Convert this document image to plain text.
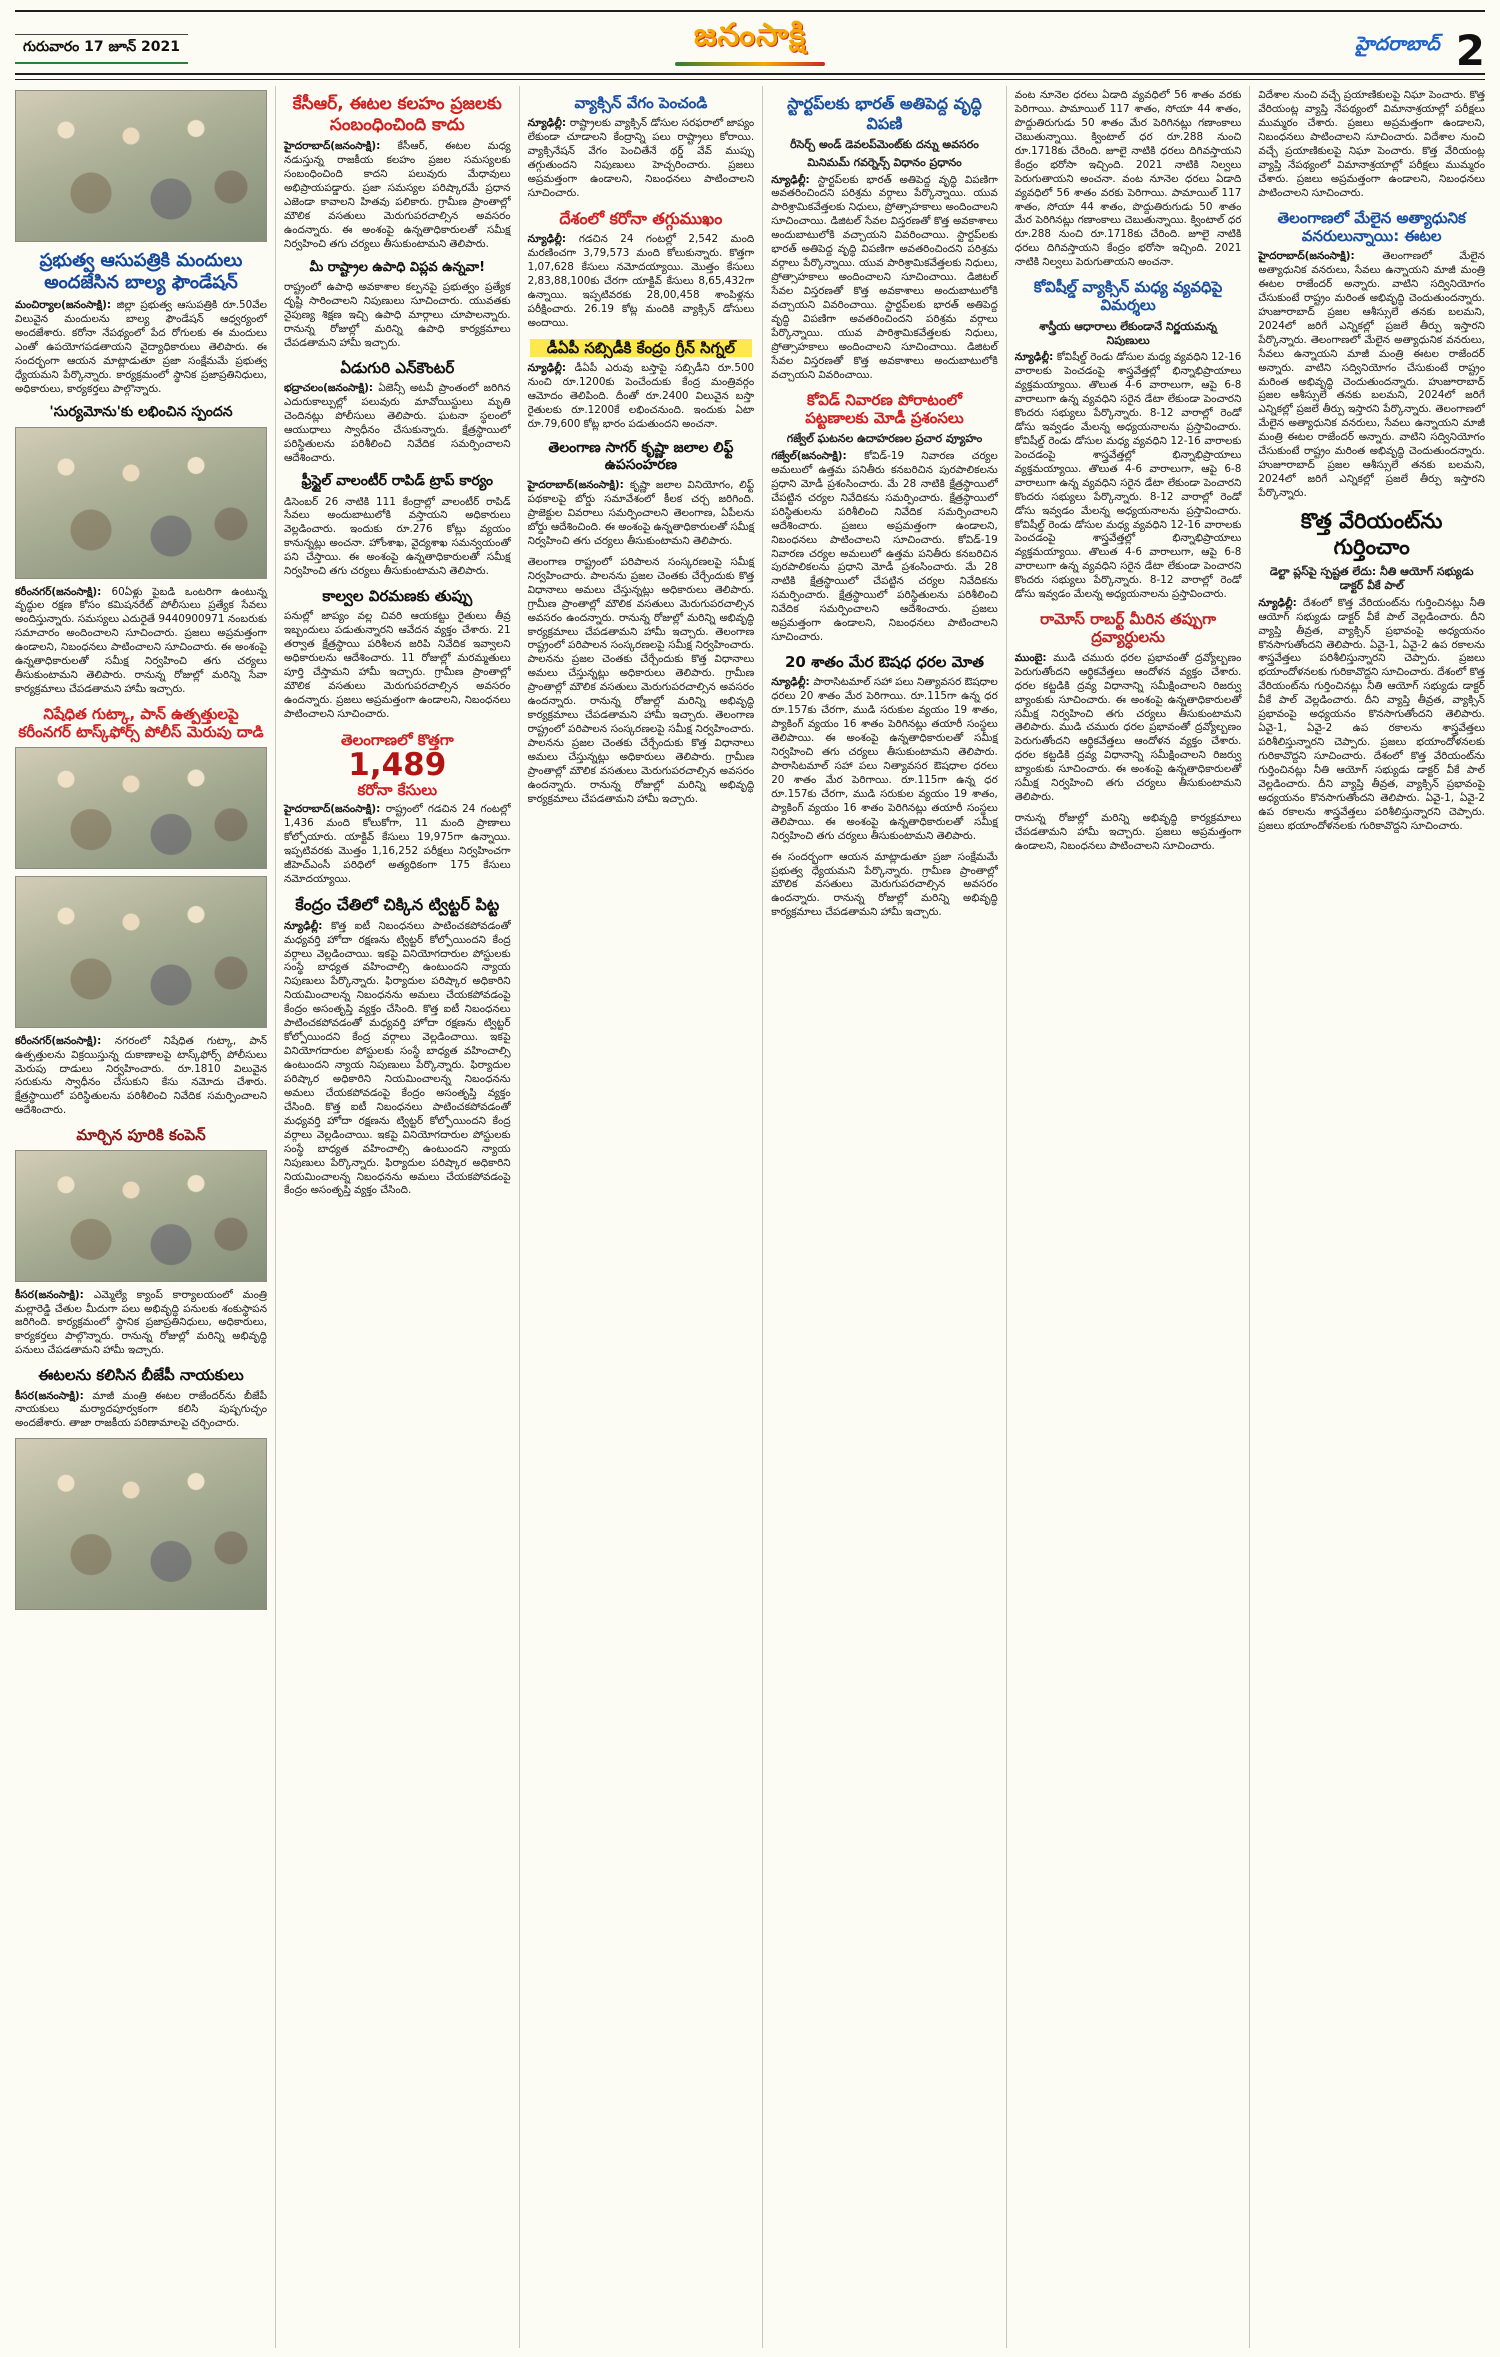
గురువారం 17 జూన్ 2021	జనంసాక్షి	హైదరాబాద్ 2
ప్రభుత్వ ఆసుపత్రికి మందులు అందజేసిన బాల్య ఫౌండేషన్

మంచిర్యాల(జనంసాక్షి): జిల్లా ప్రభుత్వ ఆసుపత్రికి రూ.50వేల విలువైన మందులను బాల్య ఫౌండేషన్ ఆధ్వర్యంలో అందజేశారు. కరోనా నేపథ్యంలో పేద రోగులకు ఈ మందులు ఎంతో ఉపయోగపడతాయని వైద్యాధికారులు తెలిపారు. ఈ సందర్భంగా ఆయన మాట్లాడుతూ ప్రజా సంక్షేమమే ప్రభుత్వ ధ్యేయమని పేర్కొన్నారు. కార్యక్రమంలో స్థానిక ప్రజాప్రతినిధులు, అధికారులు, కార్యకర్తలు పాల్గొన్నారు.

'సుర్యమోను'కు లభించిన స్పందన

కరీంనగర్(జనంసాక్షి): 60ఏళ్లు పైబడి ఒంటరిగా ఉంటున్న వృద్ధుల రక్షణ కోసం కమిషనరేట్ పోలీసులు ప్రత్యేక సేవలు అందిస్తున్నారు. సమస్యలు ఎదురైతే 9440900971 నంబరుకు సమాచారం అందించాలని సూచించారు. ప్రజలు అప్రమత్తంగా ఉండాలని, నిబంధనలు పాటించాలని సూచించారు. ఈ అంశంపై ఉన్నతాధికారులతో సమీక్ష నిర్వహించి తగు చర్యలు తీసుకుంటామని తెలిపారు. రానున్న రోజుల్లో మరిన్ని సేవా కార్యక్రమాలు చేపడతామని హామీ ఇచ్చారు.

నిషేధిత గుట్కా, పాన్ ఉత్పత్తులపై కరీంనగర్ టాస్క్‌ఫోర్స్ పోలీస్ మెరుపు దాడి

కరీంనగర్(జనంసాక్షి): నగరంలో నిషేధిత గుట్కా, పాన్ ఉత్పత్తులను విక్రయిస్తున్న దుకాణాలపై టాస్క్‌ఫోర్స్ పోలీసులు మెరుపు దాడులు నిర్వహించారు. రూ.1810 విలువైన సరుకును స్వాధీనం చేసుకుని కేసు నమోదు చేశారు. క్షేత్రస్థాయిలో పరిస్థితులను పరిశీలించి నివేదిక సమర్పించాలని ఆదేశించారు.

మార్చిన పూరికి కంపెన్

కీసర(జనంసాక్షి): ఎమ్మెల్యే క్యాంప్ కార్యాలయంలో మంత్రి మల్లారెడ్డి చేతుల మీదుగా పలు అభివృద్ధి పనులకు శంకుస్థాపన జరిగింది. కార్యక్రమంలో స్థానిక ప్రజాప్రతినిధులు, అధికారులు, కార్యకర్తలు పాల్గొన్నారు. రానున్న రోజుల్లో మరిన్ని అభివృద్ధి పనులు చేపడతామని హామీ ఇచ్చారు.

ఈటలను కలిసిన బీజేపీ నాయకులు

కీసర(జనంసాక్షి): మాజీ మంత్రి ఈటల రాజేందర్‌ను బీజేపీ నాయకులు మర్యాదపూర్వకంగా కలిసి పుష్పగుచ్ఛం అందజేశారు. తాజా రాజకీయ పరిణామాలపై చర్చించారు.

కేసీఆర్, ఈటల కలహం ప్రజలకు సంబంధించింది కాదు

హైదరాబాద్(జనంసాక్షి): కేసీఆర్, ఈటల మధ్య నడుస్తున్న రాజకీయ కలహం ప్రజల సమస్యలకు సంబంధించింది కాదని పలువురు మేధావులు అభిప్రాయపడ్డారు. ప్రజా సమస్యల పరిష్కారమే ప్రధాన ఎజెండా కావాలని హితవు పలికారు. గ్రామీణ ప్రాంతాల్లో మౌలిక వసతులు మెరుగుపరచాల్సిన అవసరం ఉందన్నారు. ఈ అంశంపై ఉన్నతాధికారులతో సమీక్ష నిర్వహించి తగు చర్యలు తీసుకుంటామని తెలిపారు.

మీ రాష్ట్రాల ఉపాధి విప్లవ ఉన్నవా!

రాష్ట్రంలో ఉపాధి అవకాశాల కల్పనపై ప్రభుత్వం ప్రత్యేక దృష్టి సారించాలని నిపుణులు సూచించారు. యువతకు నైపుణ్య శిక్షణ ఇచ్చి ఉపాధి మార్గాలు చూపాలన్నారు. రానున్న రోజుల్లో మరిన్ని ఉపాధి కార్యక్రమాలు చేపడతామని హామీ ఇచ్చారు.

ఏడుగురి ఎన్‌కౌంటర్

భద్రాచలం(జనంసాక్షి): ఏజెన్సీ అటవీ ప్రాంతంలో జరిగిన ఎదురుకాల్పుల్లో పలువురు మావోయిస్టులు మృతి చెందినట్లు పోలీసులు తెలిపారు. ఘటనా స్థలంలో ఆయుధాలు స్వాధీనం చేసుకున్నారు. క్షేత్రస్థాయిలో పరిస్థితులను పరిశీలించి నివేదిక సమర్పించాలని ఆదేశించారు.

ఫ్రీస్టైల్ వాలంటీర్ రాపిడ్ ట్రాప్ కార్యం

డిసెంబర్ 26 నాటికి 111 కేంద్రాల్లో వాలంటీర్ రాపిడ్ సేవలు అందుబాటులోకి వస్తాయని అధికారులు వెల్లడించారు. ఇందుకు రూ.276 కోట్లు వ్యయం కానున్నట్లు అంచనా. హోంశాఖ, వైద్యశాఖ సమన్వయంతో పని చేస్తాయి. ఈ అంశంపై ఉన్నతాధికారులతో సమీక్ష నిర్వహించి తగు చర్యలు తీసుకుంటామని తెలిపారు.

కాల్వల విరమణకు తుప్పు

పనుల్లో జాప్యం వల్ల చివరి ఆయకట్టు రైతులు తీవ్ర ఇబ్బందులు పడుతున్నారని ఆవేదన వ్యక్తం చేశారు. 21 తర్వాత క్షేత్రస్థాయి పరిశీలన జరిపి నివేదిక ఇవ్వాలని అధికారులను ఆదేశించారు. 11 రోజుల్లో మరమ్మతులు పూర్తి చేస్తామని హామీ ఇచ్చారు. గ్రామీణ ప్రాంతాల్లో మౌలిక వసతులు మెరుగుపరచాల్సిన అవసరం ఉందన్నారు. ప్రజలు అప్రమత్తంగా ఉండాలని, నిబంధనలు పాటించాలని సూచించారు.

తెలంగాణలో కొత్తగా
1,489
కరోనా కేసులు

హైదరాబాద్(జనంసాక్షి): రాష్ట్రంలో గడచిన 24 గంటల్లో 1,436 మంది కోలుకోగా, 11 మంది ప్రాణాలు కోల్పోయారు. యాక్టివ్ కేసులు 19,975గా ఉన్నాయి. ఇప్పటివరకు మొత్తం 1,16,252 పరీక్షలు నిర్వహించగా జీహెచ్ఎంసీ పరిధిలో అత్యధికంగా 175 కేసులు నమోదయ్యాయి.

కేంద్రం చేతిలో చిక్కిన ట్విట్టర్ పిట్ట

న్యూఢిల్లీ: కొత్త ఐటీ నిబంధనలు పాటించకపోవడంతో మధ్యవర్తి హోదా రక్షణను ట్విట్టర్ కోల్పోయిందని కేంద్ర వర్గాలు వెల్లడించాయి. ఇకపై వినియోగదారుల పోస్టులకు సంస్థే బాధ్యత వహించాల్సి ఉంటుందని న్యాయ నిపుణులు పేర్కొన్నారు. ఫిర్యాదుల పరిష్కార అధికారిని నియమించాలన్న నిబంధనను అమలు చేయకపోవడంపై కేంద్రం అసంతృప్తి వ్యక్తం చేసింది. కొత్త ఐటీ నిబంధనలు పాటించకపోవడంతో మధ్యవర్తి హోదా రక్షణను ట్విట్టర్ కోల్పోయిందని కేంద్ర వర్గాలు వెల్లడించాయి. ఇకపై వినియోగదారుల పోస్టులకు సంస్థే బాధ్యత వహించాల్సి ఉంటుందని న్యాయ నిపుణులు పేర్కొన్నారు. ఫిర్యాదుల పరిష్కార అధికారిని నియమించాలన్న నిబంధనను అమలు చేయకపోవడంపై కేంద్రం అసంతృప్తి వ్యక్తం చేసింది. కొత్త ఐటీ నిబంధనలు పాటించకపోవడంతో మధ్యవర్తి హోదా రక్షణను ట్విట్టర్ కోల్పోయిందని కేంద్ర వర్గాలు వెల్లడించాయి. ఇకపై వినియోగదారుల పోస్టులకు సంస్థే బాధ్యత వహించాల్సి ఉంటుందని న్యాయ నిపుణులు పేర్కొన్నారు. ఫిర్యాదుల పరిష్కార అధికారిని నియమించాలన్న నిబంధనను అమలు చేయకపోవడంపై కేంద్రం అసంతృప్తి వ్యక్తం చేసింది.

వ్యాక్సిన్ వేగం పెంచండి

న్యూఢిల్లీ: రాష్ట్రాలకు వ్యాక్సిన్ డోసుల సరఫరాలో జాప్యం లేకుండా చూడాలని కేంద్రాన్ని పలు రాష్ట్రాలు కోరాయి. వ్యాక్సినేషన్ వేగం పెంచితేనే థర్డ్ వేవ్ ముప్పు తగ్గుతుందని నిపుణులు హెచ్చరించారు. ప్రజలు అప్రమత్తంగా ఉండాలని, నిబంధనలు పాటించాలని సూచించారు.

దేశంలో కరోనా తగ్గుముఖం

న్యూఢిల్లీ: గడచిన 24 గంటల్లో 2,542 మంది మరణించగా 3,79,573 మంది కోలుకున్నారు. కొత్తగా 1,07,628 కేసులు నమోదయ్యాయి. మొత్తం కేసులు 2,83,88,100కు చేరగా యాక్టివ్ కేసులు 8,65,432గా ఉన్నాయి. ఇప్పటివరకు 28,00,458 శాంపిళ్లను పరీక్షించారు. 26.19 కోట్ల మందికి వ్యాక్సిన్ డోసులు అందాయి.

డీఏపీ సబ్సిడీకి కేంద్రం గ్రీన్ సిగ్నల్

న్యూఢిల్లీ: డీఏపీ ఎరువు బస్తాపై సబ్సిడీని రూ.500 నుంచి రూ.1200కు పెంచేందుకు కేంద్ర మంత్రివర్గం ఆమోదం తెలిపింది. దీంతో రూ.2400 విలువైన బస్తా రైతులకు రూ.1200కే లభించనుంది. ఇందుకు ఏటా రూ.79,600 కోట్ల భారం పడుతుందని అంచనా.

తెలంగాణ సాగర్ కృష్ణా జలాల లిఫ్ట్ ఉపసంహరణ

హైదరాబాద్(జనంసాక్షి): కృష్ణా జలాల వినియోగం, లిఫ్ట్ పథకాలపై బోర్డు సమావేశంలో కీలక చర్చ జరిగింది. ప్రాజెక్టుల వివరాలు సమర్పించాలని తెలంగాణ, ఏపీలను బోర్డు ఆదేశించింది. ఈ అంశంపై ఉన్నతాధికారులతో సమీక్ష నిర్వహించి తగు చర్యలు తీసుకుంటామని తెలిపారు.

తెలంగాణ రాష్ట్రంలో పరిపాలన సంస్కరణలపై సమీక్ష నిర్వహించారు. పాలనను ప్రజల చెంతకు చేర్చేందుకు కొత్త విధానాలు అమలు చేస్తున్నట్లు అధికారులు తెలిపారు. గ్రామీణ ప్రాంతాల్లో మౌలిక వసతులు మెరుగుపరచాల్సిన అవసరం ఉందన్నారు. రానున్న రోజుల్లో మరిన్ని అభివృద్ధి కార్యక్రమాలు చేపడతామని హామీ ఇచ్చారు. తెలంగాణ రాష్ట్రంలో పరిపాలన సంస్కరణలపై సమీక్ష నిర్వహించారు. పాలనను ప్రజల చెంతకు చేర్చేందుకు కొత్త విధానాలు అమలు చేస్తున్నట్లు అధికారులు తెలిపారు. గ్రామీణ ప్రాంతాల్లో మౌలిక వసతులు మెరుగుపరచాల్సిన అవసరం ఉందన్నారు. రానున్న రోజుల్లో మరిన్ని అభివృద్ధి కార్యక్రమాలు చేపడతామని హామీ ఇచ్చారు. తెలంగాణ రాష్ట్రంలో పరిపాలన సంస్కరణలపై సమీక్ష నిర్వహించారు. పాలనను ప్రజల చెంతకు చేర్చేందుకు కొత్త విధానాలు అమలు చేస్తున్నట్లు అధికారులు తెలిపారు. గ్రామీణ ప్రాంతాల్లో మౌలిక వసతులు మెరుగుపరచాల్సిన అవసరం ఉందన్నారు. రానున్న రోజుల్లో మరిన్ని అభివృద్ధి కార్యక్రమాలు చేపడతామని హామీ ఇచ్చారు.

స్టార్టప్‌లకు భారత్ అతిపెద్ద వృద్ధి విపణి
రీసెర్చ్ అండ్ డెవలప్‌మెంట్‌కు దన్ను అవసరం
మినిమమ్ గవర్నెన్స్ విధానం ప్రధానం

న్యూఢిల్లీ: స్టార్టప్‌లకు భారత్ అతిపెద్ద వృద్ధి విపణిగా అవతరించిందని పరిశ్రమ వర్గాలు పేర్కొన్నాయి. యువ పారిశ్రామికవేత్తలకు నిధులు, ప్రోత్సాహకాలు అందించాలని సూచించాయి. డిజిటల్ సేవల విస్తరణతో కొత్త అవకాశాలు అందుబాటులోకి వచ్చాయని వివరించాయి. స్టార్టప్‌లకు భారత్ అతిపెద్ద వృద్ధి విపణిగా అవతరించిందని పరిశ్రమ వర్గాలు పేర్కొన్నాయి. యువ పారిశ్రామికవేత్తలకు నిధులు, ప్రోత్సాహకాలు అందించాలని సూచించాయి. డిజిటల్ సేవల విస్తరణతో కొత్త అవకాశాలు అందుబాటులోకి వచ్చాయని వివరించాయి. స్టార్టప్‌లకు భారత్ అతిపెద్ద వృద్ధి విపణిగా అవతరించిందని పరిశ్రమ వర్గాలు పేర్కొన్నాయి. యువ పారిశ్రామికవేత్తలకు నిధులు, ప్రోత్సాహకాలు అందించాలని సూచించాయి. డిజిటల్ సేవల విస్తరణతో కొత్త అవకాశాలు అందుబాటులోకి వచ్చాయని వివరించాయి.

కోవిడ్ నివారణ పోరాటంలో పట్టణాలకు మోడీ ప్రశంసలు
గజ్వేల్ ఘటనల ఉదాహరణల ప్రచార వ్యూహం

గజ్వేల్(జనంసాక్షి): కోవిడ్-19 నివారణ చర్యల అమలులో ఉత్తమ పనితీరు కనబరిచిన పురపాలికలను ప్రధాని మోడీ ప్రశంసించారు. మే 28 నాటికి క్షేత్రస్థాయిలో చేపట్టిన చర్యల నివేదికను సమర్పించారు. క్షేత్రస్థాయిలో పరిస్థితులను పరిశీలించి నివేదిక సమర్పించాలని ఆదేశించారు. ప్రజలు అప్రమత్తంగా ఉండాలని, నిబంధనలు పాటించాలని సూచించారు. కోవిడ్-19 నివారణ చర్యల అమలులో ఉత్తమ పనితీరు కనబరిచిన పురపాలికలను ప్రధాని మోడీ ప్రశంసించారు. మే 28 నాటికి క్షేత్రస్థాయిలో చేపట్టిన చర్యల నివేదికను సమర్పించారు. క్షేత్రస్థాయిలో పరిస్థితులను పరిశీలించి నివేదిక సమర్పించాలని ఆదేశించారు. ప్రజలు అప్రమత్తంగా ఉండాలని, నిబంధనలు పాటించాలని సూచించారు.

20 శాతం మేర ఔషధ ధరల మోత

న్యూఢిల్లీ: పారాసిటమాల్ సహా పలు నిత్యావసర ఔషధాల ధరలు 20 శాతం మేర పెరిగాయి. రూ.115గా ఉన్న ధర రూ.157కు చేరగా, ముడి సరుకుల వ్యయం 19 శాతం, ప్యాకింగ్ వ్యయం 16 శాతం పెరిగినట్లు తయారీ సంస్థలు తెలిపాయి. ఈ అంశంపై ఉన్నతాధికారులతో సమీక్ష నిర్వహించి తగు చర్యలు తీసుకుంటామని తెలిపారు. పారాసిటమాల్ సహా పలు నిత్యావసర ఔషధాల ధరలు 20 శాతం మేర పెరిగాయి. రూ.115గా ఉన్న ధర రూ.157కు చేరగా, ముడి సరుకుల వ్యయం 19 శాతం, ప్యాకింగ్ వ్యయం 16 శాతం పెరిగినట్లు తయారీ సంస్థలు తెలిపాయి. ఈ అంశంపై ఉన్నతాధికారులతో సమీక్ష నిర్వహించి తగు చర్యలు తీసుకుంటామని తెలిపారు.

ఈ సందర్భంగా ఆయన మాట్లాడుతూ ప్రజా సంక్షేమమే ప్రభుత్వ ధ్యేయమని పేర్కొన్నారు. గ్రామీణ ప్రాంతాల్లో మౌలిక వసతులు మెరుగుపరచాల్సిన అవసరం ఉందన్నారు. రానున్న రోజుల్లో మరిన్ని అభివృద్ధి కార్యక్రమాలు చేపడతామని హామీ ఇచ్చారు.

వంట నూనెల ధరలు ఏడాది వ్యవధిలో 56 శాతం వరకు పెరిగాయి. పామాయిల్ 117 శాతం, సోయా 44 శాతం, పొద్దుతిరుగుడు 50 శాతం మేర పెరిగినట్లు గణాంకాలు చెబుతున్నాయి. క్వింటాల్ ధర రూ.288 నుంచి రూ.1718కు చేరింది. జూలై నాటికి ధరలు దిగివస్తాయని కేంద్రం భరోసా ఇచ్చింది. 2021 నాటికి నిల్వలు పెరుగుతాయని అంచనా. వంట నూనెల ధరలు ఏడాది వ్యవధిలో 56 శాతం వరకు పెరిగాయి. పామాయిల్ 117 శాతం, సోయా 44 శాతం, పొద్దుతిరుగుడు 50 శాతం మేర పెరిగినట్లు గణాంకాలు చెబుతున్నాయి. క్వింటాల్ ధర రూ.288 నుంచి రూ.1718కు చేరింది. జూలై నాటికి ధరలు దిగివస్తాయని కేంద్రం భరోసా ఇచ్చింది. 2021 నాటికి నిల్వలు పెరుగుతాయని అంచనా.

కోవిషీల్డ్ వ్యాక్సిన్ మధ్య వ్యవధిపై విమర్శలు
శాస్త్రీయ ఆధారాలు లేకుండానే నిర్ణయమన్న నిపుణులు

న్యూఢిల్లీ: కోవిషీల్డ్ రెండు డోసుల మధ్య వ్యవధిని 12-16 వారాలకు పెంచడంపై శాస్త్రవేత్తల్లో భిన్నాభిప్రాయాలు వ్యక్తమయ్యాయి. తొలుత 4-6 వారాలుగా, ఆపై 6-8 వారాలుగా ఉన్న వ్యవధిని సరైన డేటా లేకుండా పెంచారని కొందరు సభ్యులు పేర్కొన్నారు. 8-12 వారాల్లో రెండో డోసు ఇవ్వడం మేలన్న అధ్యయనాలను ప్రస్తావించారు. కోవిషీల్డ్ రెండు డోసుల మధ్య వ్యవధిని 12-16 వారాలకు పెంచడంపై శాస్త్రవేత్తల్లో భిన్నాభిప్రాయాలు వ్యక్తమయ్యాయి. తొలుత 4-6 వారాలుగా, ఆపై 6-8 వారాలుగా ఉన్న వ్యవధిని సరైన డేటా లేకుండా పెంచారని కొందరు సభ్యులు పేర్కొన్నారు. 8-12 వారాల్లో రెండో డోసు ఇవ్వడం మేలన్న అధ్యయనాలను ప్రస్తావించారు. కోవిషీల్డ్ రెండు డోసుల మధ్య వ్యవధిని 12-16 వారాలకు పెంచడంపై శాస్త్రవేత్తల్లో భిన్నాభిప్రాయాలు వ్యక్తమయ్యాయి. తొలుత 4-6 వారాలుగా, ఆపై 6-8 వారాలుగా ఉన్న వ్యవధిని సరైన డేటా లేకుండా పెంచారని కొందరు సభ్యులు పేర్కొన్నారు. 8-12 వారాల్లో రెండో డోసు ఇవ్వడం మేలన్న అధ్యయనాలను ప్రస్తావించారు.

రామోస్ రాబర్ట్ మీరిన తప్పుగా ద్రవ్యార్ధులను

ముంబై: ముడి చమురు ధరల ప్రభావంతో ద్రవ్యోల్బణం పెరుగుతోందని ఆర్థికవేత్తలు ఆందోళన వ్యక్తం చేశారు. ధరల కట్టడికి ద్రవ్య విధానాన్ని సమీక్షించాలని రిజర్వు బ్యాంకుకు సూచించారు. ఈ అంశంపై ఉన్నతాధికారులతో సమీక్ష నిర్వహించి తగు చర్యలు తీసుకుంటామని తెలిపారు. ముడి చమురు ధరల ప్రభావంతో ద్రవ్యోల్బణం పెరుగుతోందని ఆర్థికవేత్తలు ఆందోళన వ్యక్తం చేశారు. ధరల కట్టడికి ద్రవ్య విధానాన్ని సమీక్షించాలని రిజర్వు బ్యాంకుకు సూచించారు. ఈ అంశంపై ఉన్నతాధికారులతో సమీక్ష నిర్వహించి తగు చర్యలు తీసుకుంటామని తెలిపారు.

రానున్న రోజుల్లో మరిన్ని అభివృద్ధి కార్యక్రమాలు చేపడతామని హామీ ఇచ్చారు. ప్రజలు అప్రమత్తంగా ఉండాలని, నిబంధనలు పాటించాలని సూచించారు.

విదేశాల నుంచి వచ్చే ప్రయాణికులపై నిఘా పెంచారు. కొత్త వేరియంట్ల వ్యాప్తి నేపథ్యంలో విమానాశ్రయాల్లో పరీక్షలు ముమ్మరం చేశారు. ప్రజలు అప్రమత్తంగా ఉండాలని, నిబంధనలు పాటించాలని సూచించారు. విదేశాల నుంచి వచ్చే ప్రయాణికులపై నిఘా పెంచారు. కొత్త వేరియంట్ల వ్యాప్తి నేపథ్యంలో విమానాశ్రయాల్లో పరీక్షలు ముమ్మరం చేశారు. ప్రజలు అప్రమత్తంగా ఉండాలని, నిబంధనలు పాటించాలని సూచించారు.

తెలంగాణలో మేలైన అత్యాధునిక వనరులున్నాయి: ఈటల

హైదరాబాద్(జనంసాక్షి): తెలంగాణలో మేలైన అత్యాధునిక వనరులు, సేవలు ఉన్నాయని మాజీ మంత్రి ఈటల రాజేందర్ అన్నారు. వాటిని సద్వినియోగం చేసుకుంటే రాష్ట్రం మరింత అభివృద్ధి చెందుతుందన్నారు. హుజూరాబాద్ ప్రజల ఆశీస్సులే తనకు బలమని, 2024లో జరిగే ఎన్నికల్లో ప్రజలే తీర్పు ఇస్తారని పేర్కొన్నారు. తెలంగాణలో మేలైన అత్యాధునిక వనరులు, సేవలు ఉన్నాయని మాజీ మంత్రి ఈటల రాజేందర్ అన్నారు. వాటిని సద్వినియోగం చేసుకుంటే రాష్ట్రం మరింత అభివృద్ధి చెందుతుందన్నారు. హుజూరాబాద్ ప్రజల ఆశీస్సులే తనకు బలమని, 2024లో జరిగే ఎన్నికల్లో ప్రజలే తీర్పు ఇస్తారని పేర్కొన్నారు. తెలంగాణలో మేలైన అత్యాధునిక వనరులు, సేవలు ఉన్నాయని మాజీ మంత్రి ఈటల రాజేందర్ అన్నారు. వాటిని సద్వినియోగం చేసుకుంటే రాష్ట్రం మరింత అభివృద్ధి చెందుతుందన్నారు. హుజూరాబాద్ ప్రజల ఆశీస్సులే తనకు బలమని, 2024లో జరిగే ఎన్నికల్లో ప్రజలే తీర్పు ఇస్తారని పేర్కొన్నారు.

కొత్త వేరియంట్‌ను గుర్తించాం
డెల్టా ప్లస్‌పై స్పష్టత లేదు: నీతి ఆయోగ్ సభ్యుడు డాక్టర్ వీకే పాల్

న్యూఢిల్లీ: దేశంలో కొత్త వేరియంట్‌ను గుర్తించినట్లు నీతి ఆయోగ్ సభ్యుడు డాక్టర్ వీకే పాల్ వెల్లడించారు. దీని వ్యాప్తి తీవ్రత, వ్యాక్సిన్ ప్రభావంపై అధ్యయనం కొనసాగుతోందని తెలిపారు. ఏవై-1, ఏవై-2 ఉప రకాలను శాస్త్రవేత్తలు పరిశీలిస్తున్నారని చెప్పారు. ప్రజలు భయాందోళనలకు గురికావొద్దని సూచించారు. దేశంలో కొత్త వేరియంట్‌ను గుర్తించినట్లు నీతి ఆయోగ్ సభ్యుడు డాక్టర్ వీకే పాల్ వెల్లడించారు. దీని వ్యాప్తి తీవ్రత, వ్యాక్సిన్ ప్రభావంపై అధ్యయనం కొనసాగుతోందని తెలిపారు. ఏవై-1, ఏవై-2 ఉప రకాలను శాస్త్రవేత్తలు పరిశీలిస్తున్నారని చెప్పారు. ప్రజలు భయాందోళనలకు గురికావొద్దని సూచించారు. దేశంలో కొత్త వేరియంట్‌ను గుర్తించినట్లు నీతి ఆయోగ్ సభ్యుడు డాక్టర్ వీకే పాల్ వెల్లడించారు. దీని వ్యాప్తి తీవ్రత, వ్యాక్సిన్ ప్రభావంపై అధ్యయనం కొనసాగుతోందని తెలిపారు. ఏవై-1, ఏవై-2 ఉప రకాలను శాస్త్రవేత్తలు పరిశీలిస్తున్నారని చెప్పారు. ప్రజలు భయాందోళనలకు గురికావొద్దని సూచించారు.
